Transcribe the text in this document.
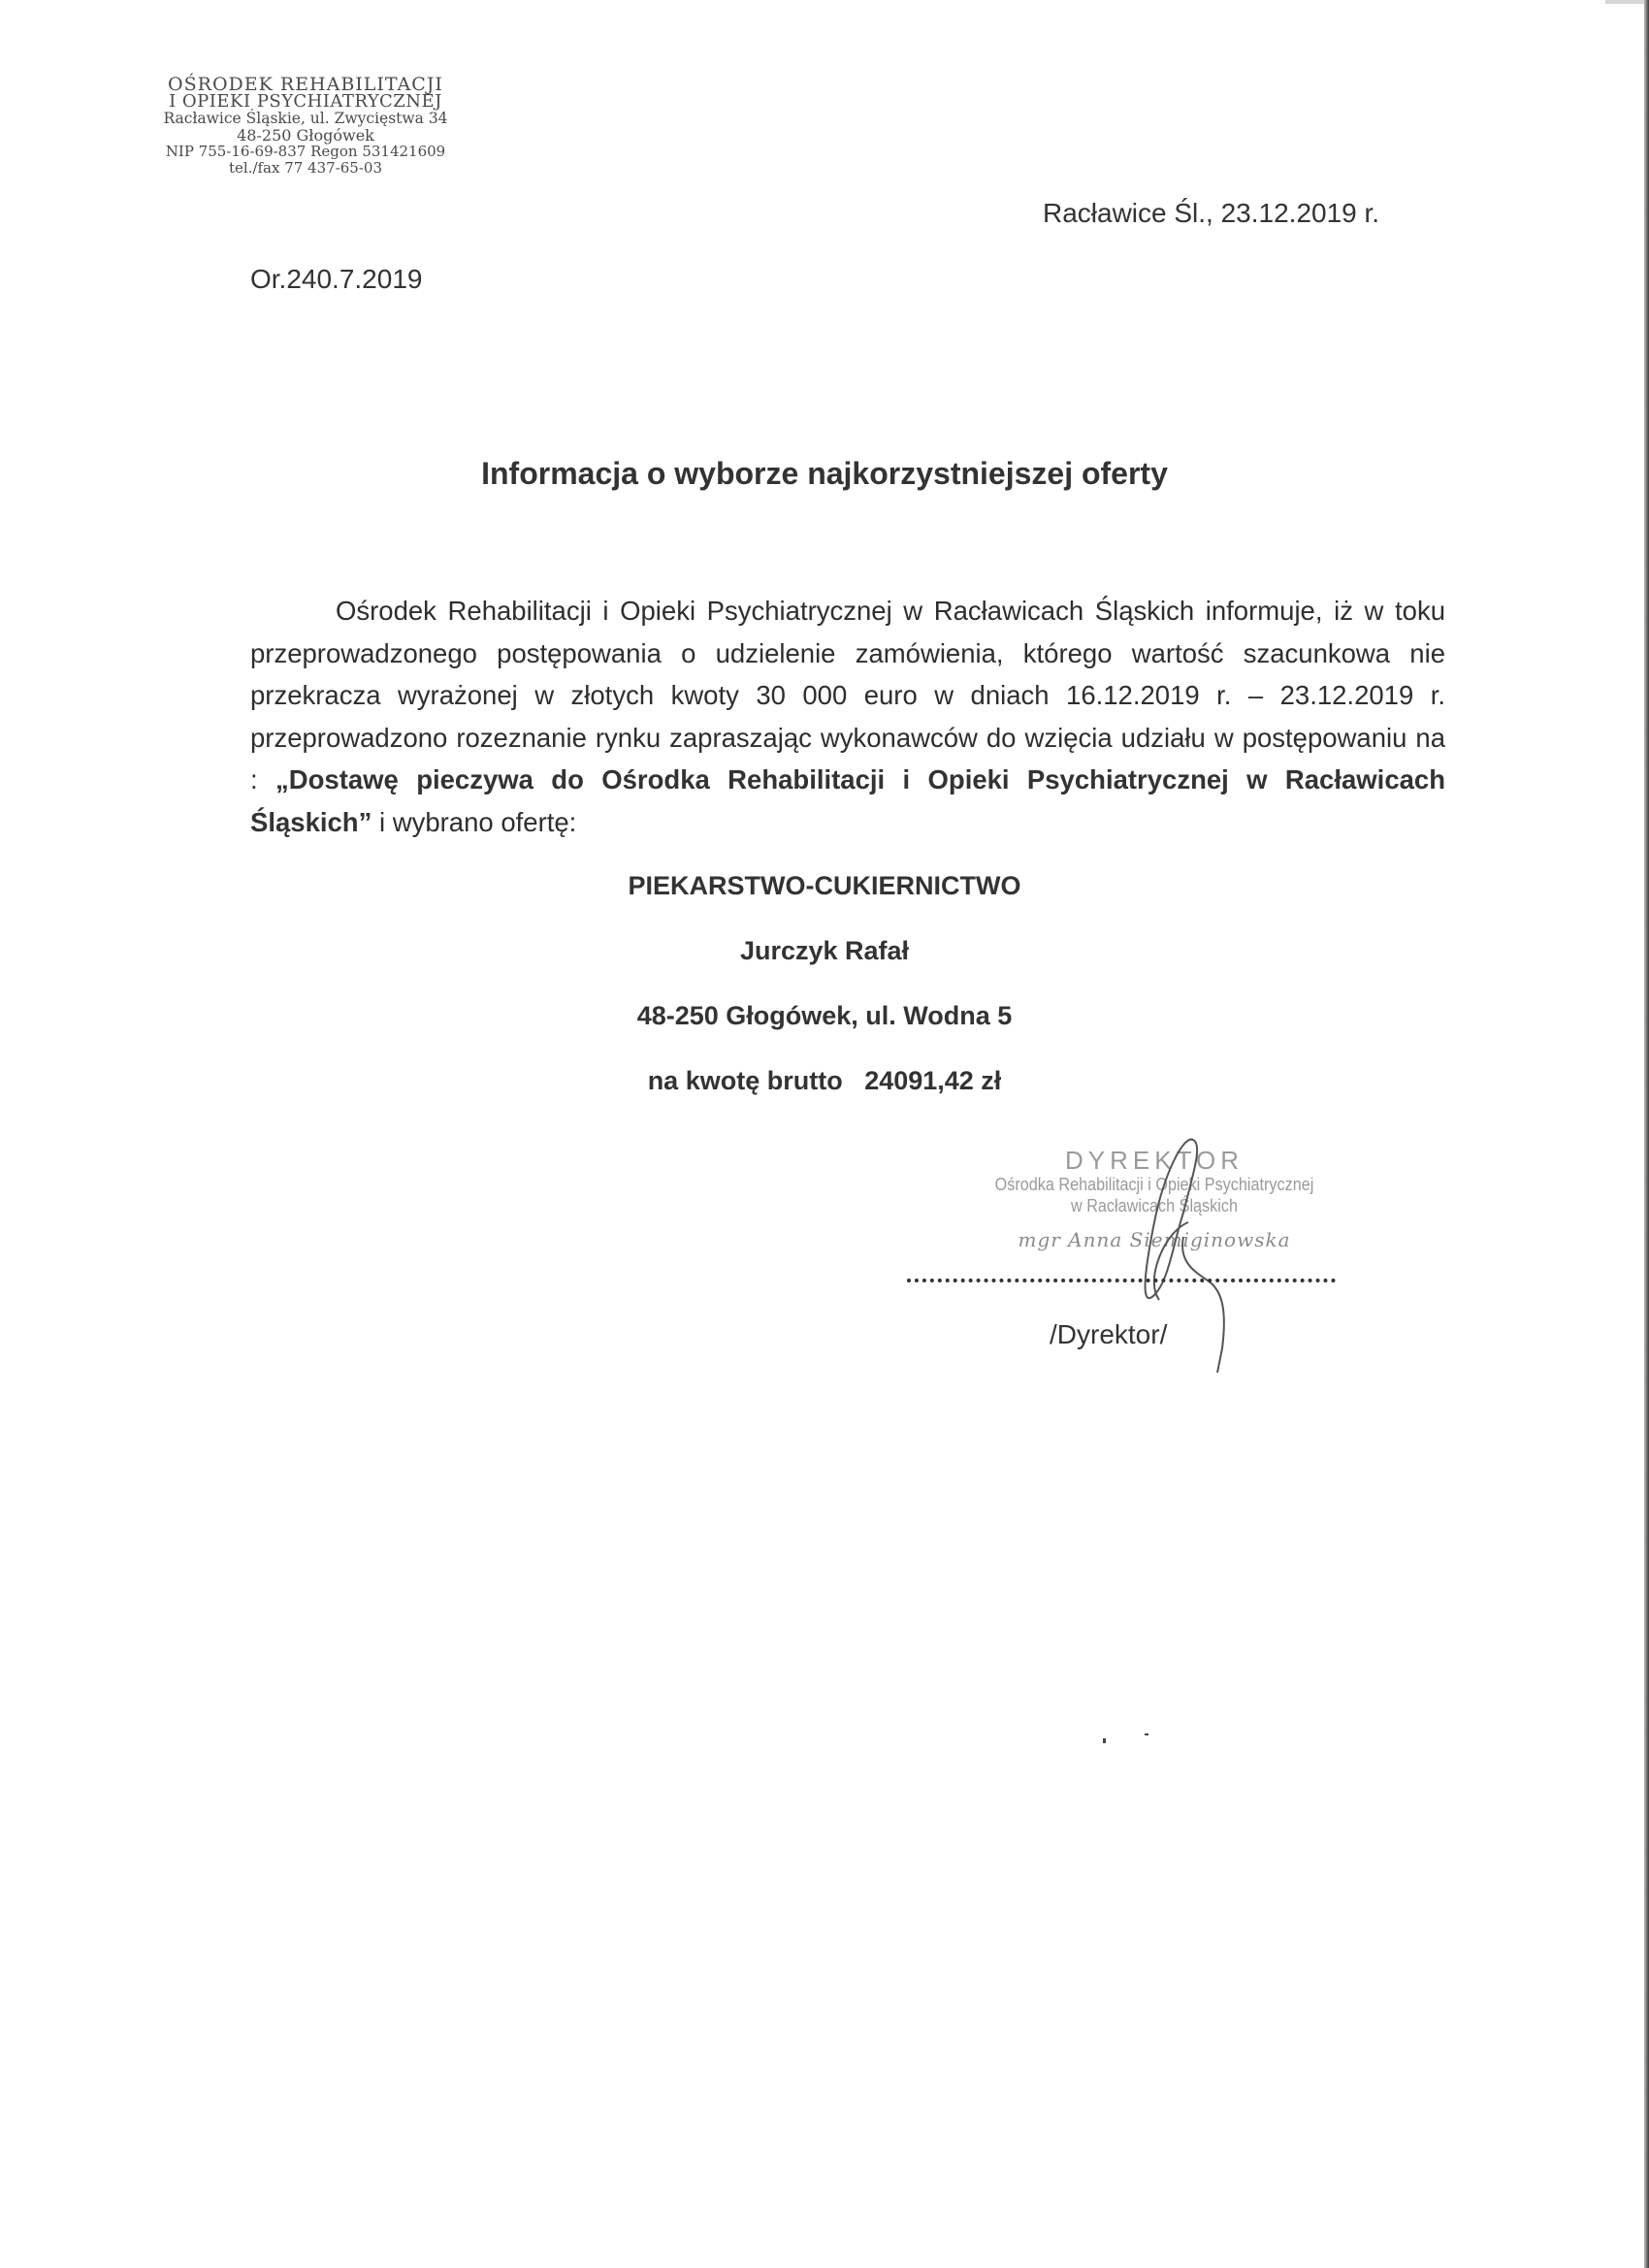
OŚRODEK REHABILITACJI
I OPIEKI PSYCHIATRYCZNEJ
Racławice Śląskie, ul. Zwycięstwa 34
48-250 Głogówek
NIP 755-16-69-837 Regon 531421609
tel./fax 77 437-65-03
Racławice Śl., 23.12.2019 r.
Or.240.7.2019
Informacja o wyborze najkorzystniejszej oferty
Ośrodek Rehabilitacji i Opieki Psychiatrycznej w Racławicach Śląskich informuje, iż w toku przeprowadzonego postępowania o udzielenie zamówienia, którego wartość szacunkowa nie przekracza wyrażonej w złotych kwoty 30 000 euro w dniach 16.12.2019 r. – 23.12.2019 r. przeprowadzono rozeznanie rynku zapraszając wykonawców do wzięcia udziału w postępowaniu na : „Dostawę pieczywa do Ośrodka Rehabilitacji i Opieki Psychiatrycznej w Racławicach Śląskich” i wybrano ofertę:
PIEKARSTWO-CUKIERNICTWO
Jurczyk Rafał
48-250 Głogówek, ul. Wodna 5
na kwotę brutto   24091,42 zł
DYREKTOR
Ośrodka Rehabilitacji i Opieki Psychiatrycznej
w Racławicach Śląskich
mgr Anna Siemiginowska
/Dyrektor/
